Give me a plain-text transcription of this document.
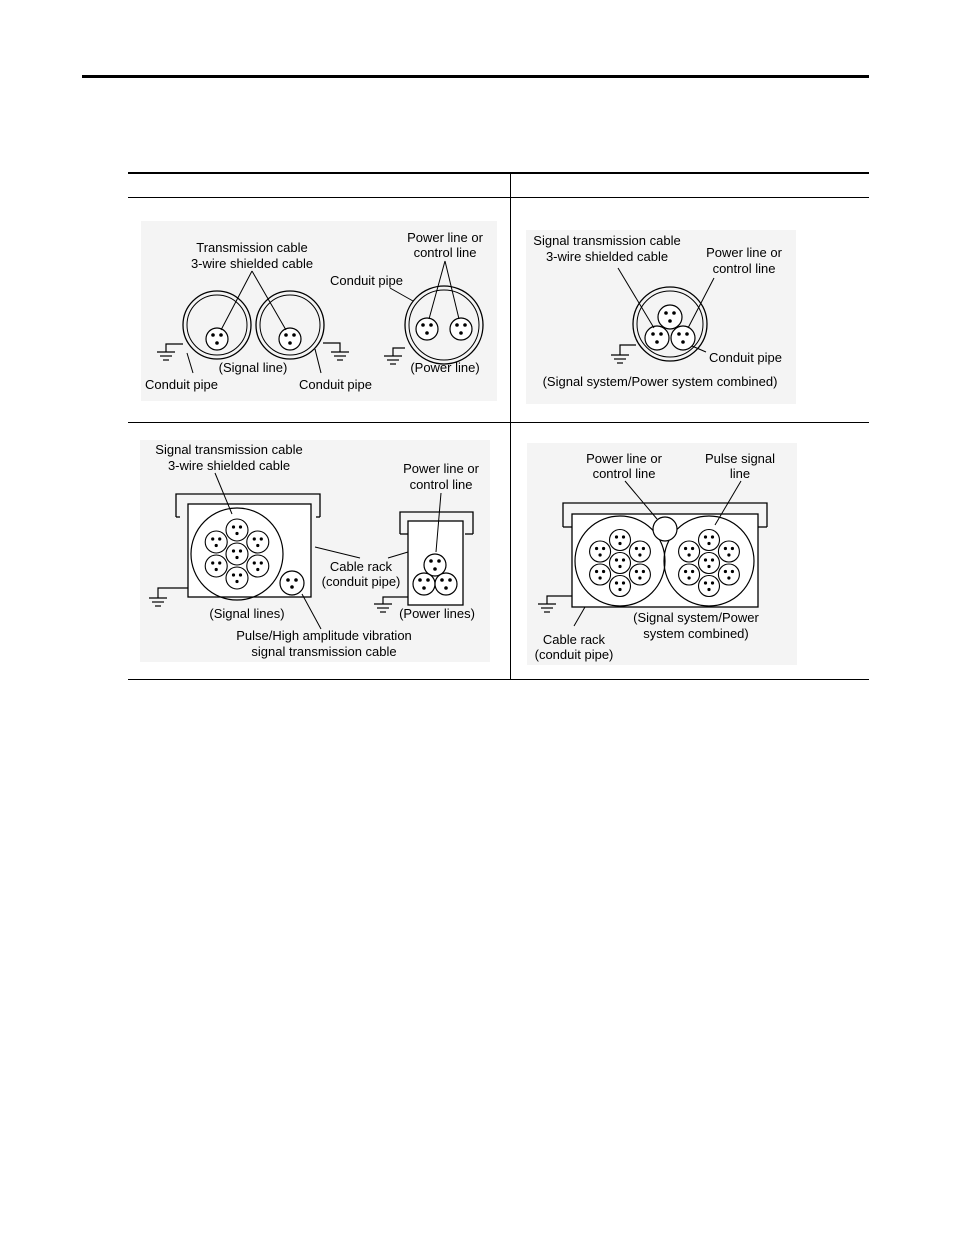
Transmission cable
3-wire shielded cable
Power line or
control line
Conduit pipe
(Signal line)	(Power line)
Conduit pipe	Conduit pipe
Signal transmission cable
3-wire shielded cable	Power line or
control line
Conduit pipe
(Signal system/Power system combined)
Signal transmission cable
3-wire shielded cable	Power line or
control line
Cable rack
(conduit pipe)
(Signal lines)	(Power lines)
Pulse/High amplitude vibration
signal transmission cable
Power line or
control line
Pulse signal
line
(Signal system/Power
system combined)
Cable rack
(conduit pipe)
